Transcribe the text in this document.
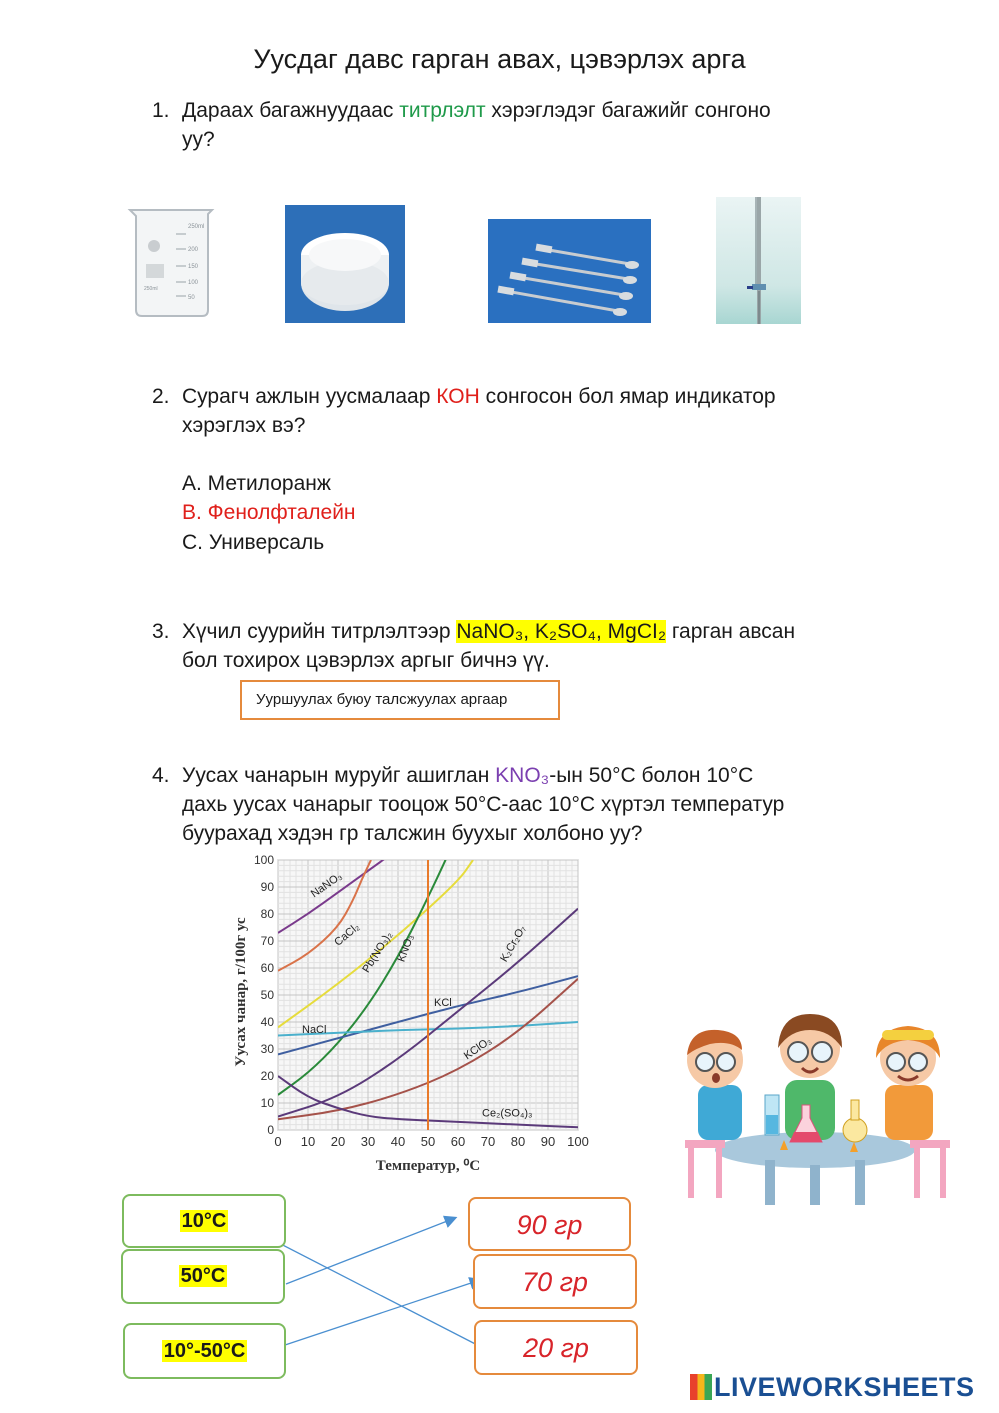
Уусдаг давс гарган авах, цэвэрлэх арга
1. Дараах багажнуудаас титрлэлт хэрэглэдэг багажийг сонгоно
уу?
250ml
200
150
100
50
250ml
2. Сурагч ажлын уусмалаар КОН сонгосон бол ямар индикатор
хэрэглэх вэ?
A. Метилоранж
B. Фенолфталейн
C. Универсаль
3. Хүчил суурийн титрлэлтээр NaNO₃, K₂SO₄, MgCI₂ гарган авсан
бол тохирох цэвэрлэх аргыг бичнэ үү.
Ууршуулах буюу талсжуулах аргаар
4. Уусах чанарын муруйг ашиглан KNO₃-ын 50°C болон 10°C
дахь уусах чанарыг тооцож 50°C-аас 10°C хүртэл температур
буурахад хэдэн гр талсжин буухыг холбоно уу?
0 10 20 30 40 50 60 70 80 90 100
0
10
20
30
40
50
60
70
80
90
100
NaNO₃
CaCl₂
Pb(NO₃)₂ KNO₃
KCl
NaCl
K₂Cr₂O₇
KClO₃
Ce₂(SO₄)₃
Температур, ⁰С
Уусах чанар, г/100г ус
10°C
50°C
10°-50°C
90 гр
70 гр
20 гр
LIVEWORKSHEETS
